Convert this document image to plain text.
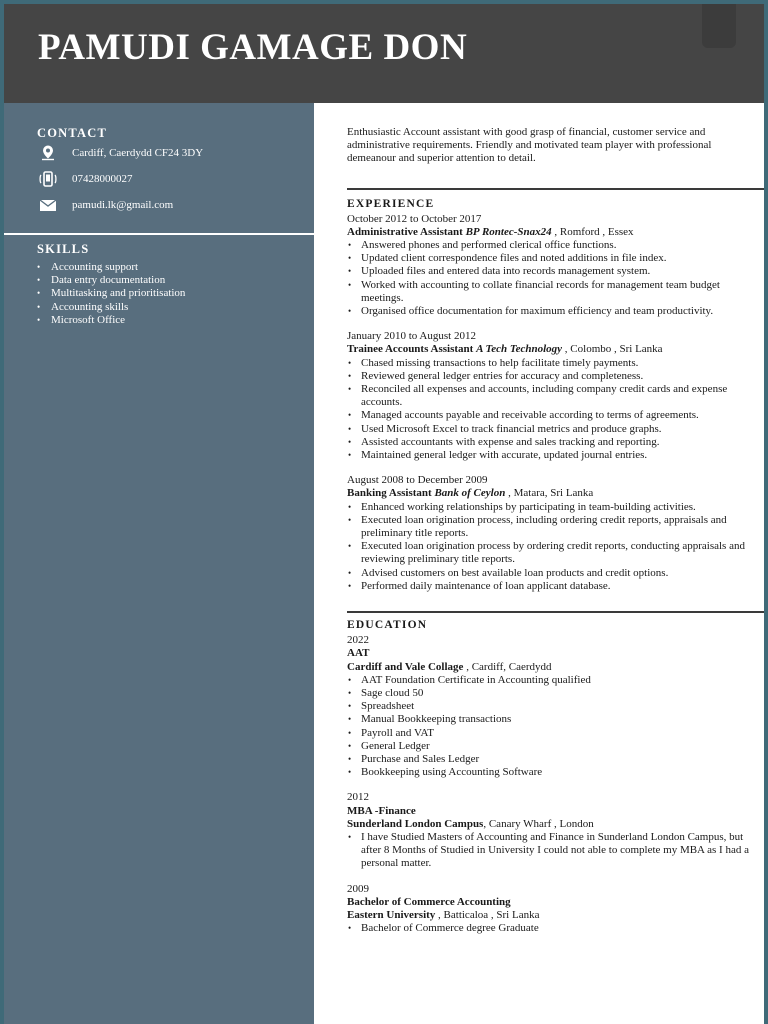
PAMUDI GAMAGE DON
CONTACT
Cardiff, Caerdydd CF24 3DY
07428000027
pamudi.lk@gmail.com
SKILLS
• Accounting support
• Data entry documentation
• Multitasking and prioritisation
• Accounting skills
• Microsoft Office

Enthusiastic Account assistant with good grasp of financial, customer service and administrative requirements. Friendly and motivated team player with professional demeanour and superior attention to detail.

EXPERIENCE

October 2012 to October 2017

Administrative Assistant BP Rontec-Snax24 , Romford , Essex

• Answered phones and performed clerical office functions.
• Updated client correspondence files and noted additions in file index.
• Uploaded files and entered data into records management system.
• Worked with accounting to collate financial records for management team budget meetings.
• Organised office documentation for maximum efficiency and team productivity.

January 2010 to August 2012

Trainee Accounts Assistant A Tech Technology , Colombo , Sri Lanka

• Chased missing transactions to help facilitate timely payments.
• Reviewed general ledger entries for accuracy and completeness.
• Reconciled all expenses and accounts, including company credit cards and expense accounts.
• Managed accounts payable and receivable according to terms of agreements.
• Used Microsoft Excel to track financial metrics and produce graphs.
• Assisted accountants with expense and sales tracking and reporting.
• Maintained general ledger with accurate, updated journal entries.

August 2008 to December 2009

Banking Assistant Bank of Ceylon , Matara, Sri Lanka

• Enhanced working relationships by participating in team-building activities.
• Executed loan origination process, including ordering credit reports, appraisals and preliminary title reports.
• Executed loan origination process by ordering credit reports, conducting appraisals and reviewing preliminary title reports.
• Advised customers on best available loan products and credit options.
• Performed daily maintenance of loan applicant database.
EDUCATION

2022

AAT

Cardiff and Vale Collage , Cardiff, Caerdydd

• AAT Foundation Certificate in Accounting qualified
• Sage cloud 50
• Spreadsheet
• Manual Bookkeeping transactions
• Payroll and VAT
• General Ledger
• Purchase and Sales Ledger
• Bookkeeping using Accounting Software

2012

MBA -Finance

Sunderland London Campus, Canary Wharf , London

• I have Studied Masters of Accounting and Finance in Sunderland London Campus, but after 8 Months of Studied in University I could not able to complete my MBA as I had a personal matter.

2009

Bachelor of Commerce Accounting

Eastern University , Batticaloa , Sri Lanka

• Bachelor of Commerce degree Graduate
